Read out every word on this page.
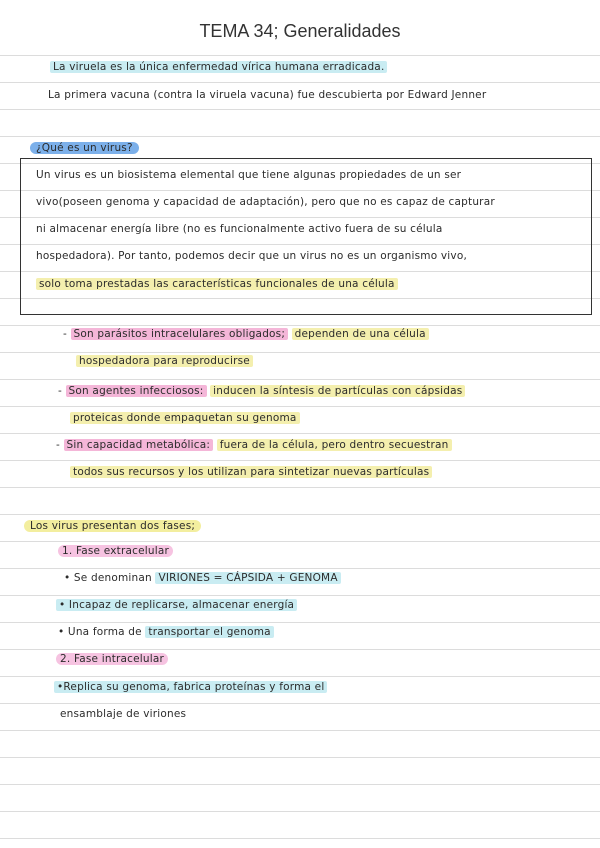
TEMA 34; Generalidades
La viruela es la única enfermedad vírica humana erradicada.
La primera vacuna (contra la viruela vacuna) fue descubierta por Edward Jenner
¿Qué es un virus?
Un virus es un biosistema elemental que tiene algunas propiedades de un ser
vivo(poseen genoma y capacidad de adaptación), pero que no es capaz de capturar
ni almacenar energía libre (no es funcionalmente activo fuera de su célula
hospedadora). Por tanto, podemos decir que un virus no es un organismo vivo,
solo toma prestadas las características funcionales de una célula
- Son parásitos intracelulares obligados; dependen de una célula
hospedadora para reproducirse
- Son agentes infecciosos: inducen la síntesis de partículas con cápsidas
proteicas donde empaquetan su genoma
- Sin capacidad metabólica: fuera de la célula, pero dentro secuestran
todos sus recursos y los utilizan para sintetizar nuevas partículas
Los virus presentan dos fases;
1. Fase extracelular
• Se denominan VIRIONES = CÁPSIDA + GENOMA
• Incapaz de replicarse, almacenar energía
• Una forma de transportar el genoma
2. Fase intracelular
•Replica su genoma, fabrica proteínas y forma el
ensamblaje de viriones
